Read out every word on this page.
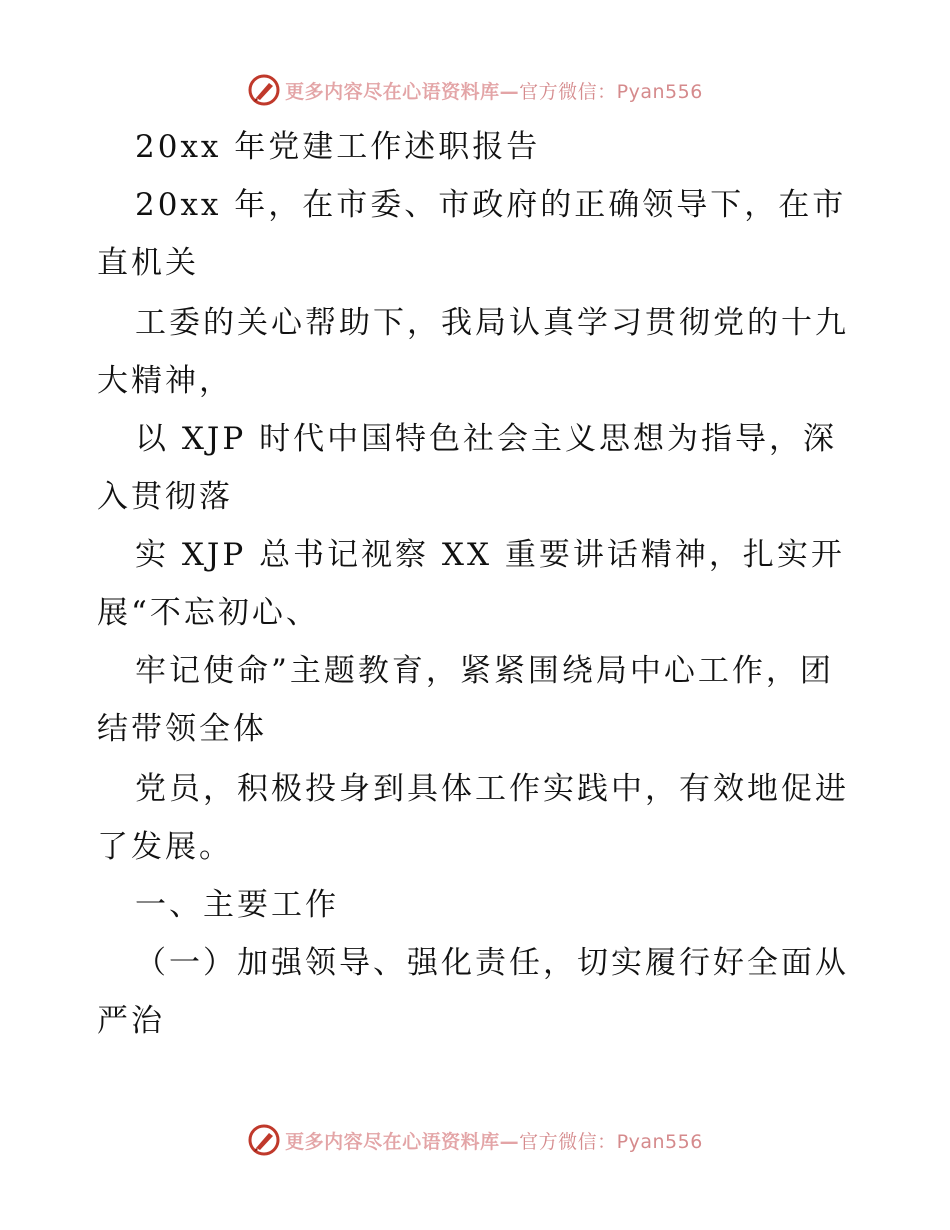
更多内容尽在心语资料库—官方微信：Pyan556
20xx 年党建工作述职报告
20xx 年，在市委、市政府的正确领导下，在市
直机关
工委的关心帮助下，我局认真学习贯彻党的十九
大精神，
以 XJP 时代中国特色社会主义思想为指导，深
入贯彻落
实 XJP 总书记视察 XX 重要讲话精神，扎实开
展“不忘初心、
牢记使命”主题教育，紧紧围绕局中心工作，团
结带领全体
党员，积极投身到具体工作实践中，有效地促进
了发展。
一、主要工作
（一）加强领导、强化责任，切实履行好全面从
严治
更多内容尽在心语资料库—官方微信：Pyan556
